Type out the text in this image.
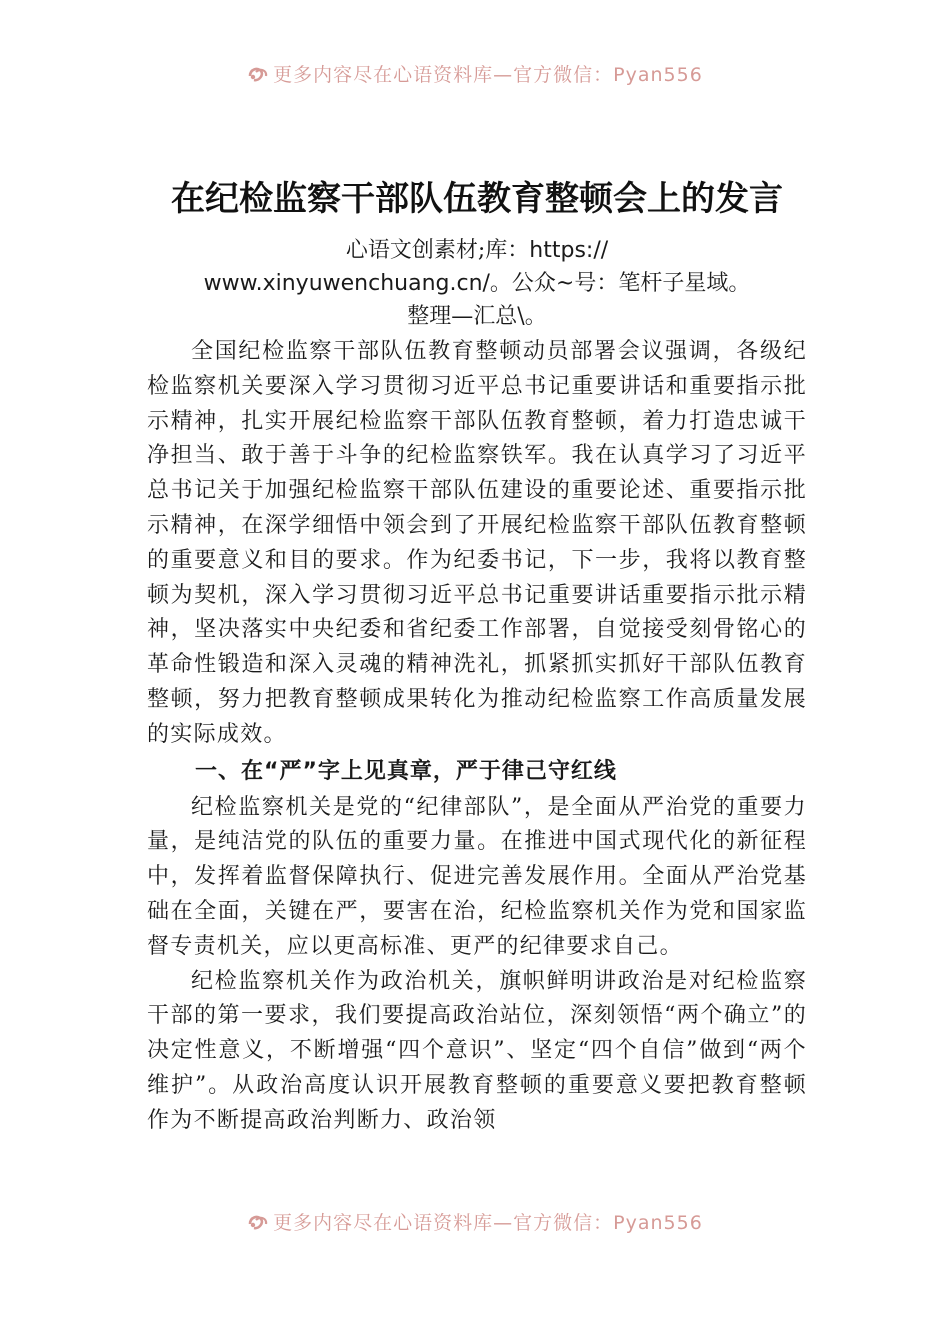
更多内容尽在心语资料库—官方微信：Pyan556
在纪检监察干部队伍教育整顿会上的发言
心语文创素材;库：https://
www.xinyuwenchuang.cn/。公众~号：笔杆子星域。
整理—汇总\。

全国纪检监察干部队伍教育整顿动员部署会议强调，各级纪检监察机关要深入学习贯彻习近平总书记重要讲话和重要指示批示精神，扎实开展纪检监察干部队伍教育整顿，着力打造忠诚干净担当、敢于善于斗争的纪检监察铁军。我在认真学习了习近平总书记关于加强纪检监察干部队伍建设的重要论述、重要指示批示精神，在深学细悟中领会到了开展纪检监察干部队伍教育整顿的重要意义和目的要求。作为纪委书记，下一步，我将以教育整顿为契机，深入学习贯彻习近平总书记重要讲话重要指示批示精神，坚决落实中央纪委和省纪委工作部署，自觉接受刻骨铭心的革命性锻造和深入灵魂的精神洗礼，抓紧抓实抓好干部队伍教育整顿，努力把教育整顿成果转化为推动纪检监察工作高质量发展的实际成效。

一、在“严”字上见真章，严于律己守红线

纪检监察机关是党的“纪律部队”，是全面从严治党的重要力量，是纯洁党的队伍的重要力量。在推进中国式现代化的新征程中，发挥着监督保障执行、促进完善发展作用。全面从严治党基础在全面，关键在严，要害在治，纪检监察机关作为党和国家监督专责机关，应以更高标准、更严的纪律要求自己。

纪检监察机关作为政治机关，旗帜鲜明讲政治是对纪检监察干部的第一要求，我们要提高政治站位，深刻领悟“两个确立”的决定性意义，不断增强“四个意识”、坚定“四个自信”做到“两个维护”。从政治高度认识开展教育整顿的重要意义要把教育整顿作为不断提高政治判断力、政治领

更多内容尽在心语资料库—官方微信：Pyan556
